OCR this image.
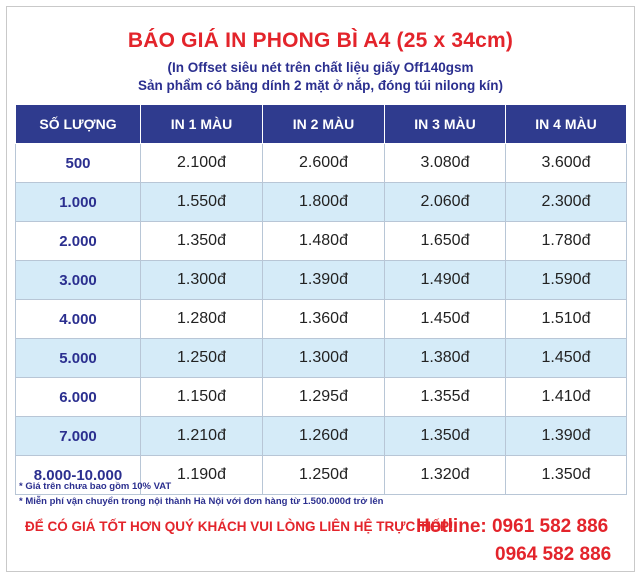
BÁO GIÁ IN PHONG BÌ A4 (25 x 34cm)
(In Offset siêu nét trên chất liệu giấy Off140gsm
Sản phẩm có băng dính 2 mặt ở nắp, đóng túi nilong kín)
SỐ LƯỢNG	IN 1 MÀU	IN 2 MÀU	IN 3 MÀU	IN 4 MÀU
500	2.100đ	2.600đ	3.080đ	3.600đ
1.000	1.550đ	1.800đ	2.060đ	2.300đ
2.000	1.350đ	1.480đ	1.650đ	1.780đ
3.000	1.300đ	1.390đ	1.490đ	1.590đ
4.000	1.280đ	1.360đ	1.450đ	1.510đ
5.000	1.250đ	1.300đ	1.380đ	1.450đ
6.000	1.150đ	1.295đ	1.355đ	1.410đ
7.000	1.210đ	1.260đ	1.350đ	1.390đ
8.000-10.000	1.190đ	1.250đ	1.320đ	1.350đ
* Giá trên chưa bao gồm 10% VAT
* Miễn phí vận chuyển trong nội thành Hà Nội với đơn hàng từ 1.500.000đ trở lên
ĐỂ CÓ GIÁ TỐT HƠN QUÝ KHÁCH VUI LÒNG LIÊN HỆ TRỰC TIẾP!
Hotline: 0961 582 886
0964 582 886
